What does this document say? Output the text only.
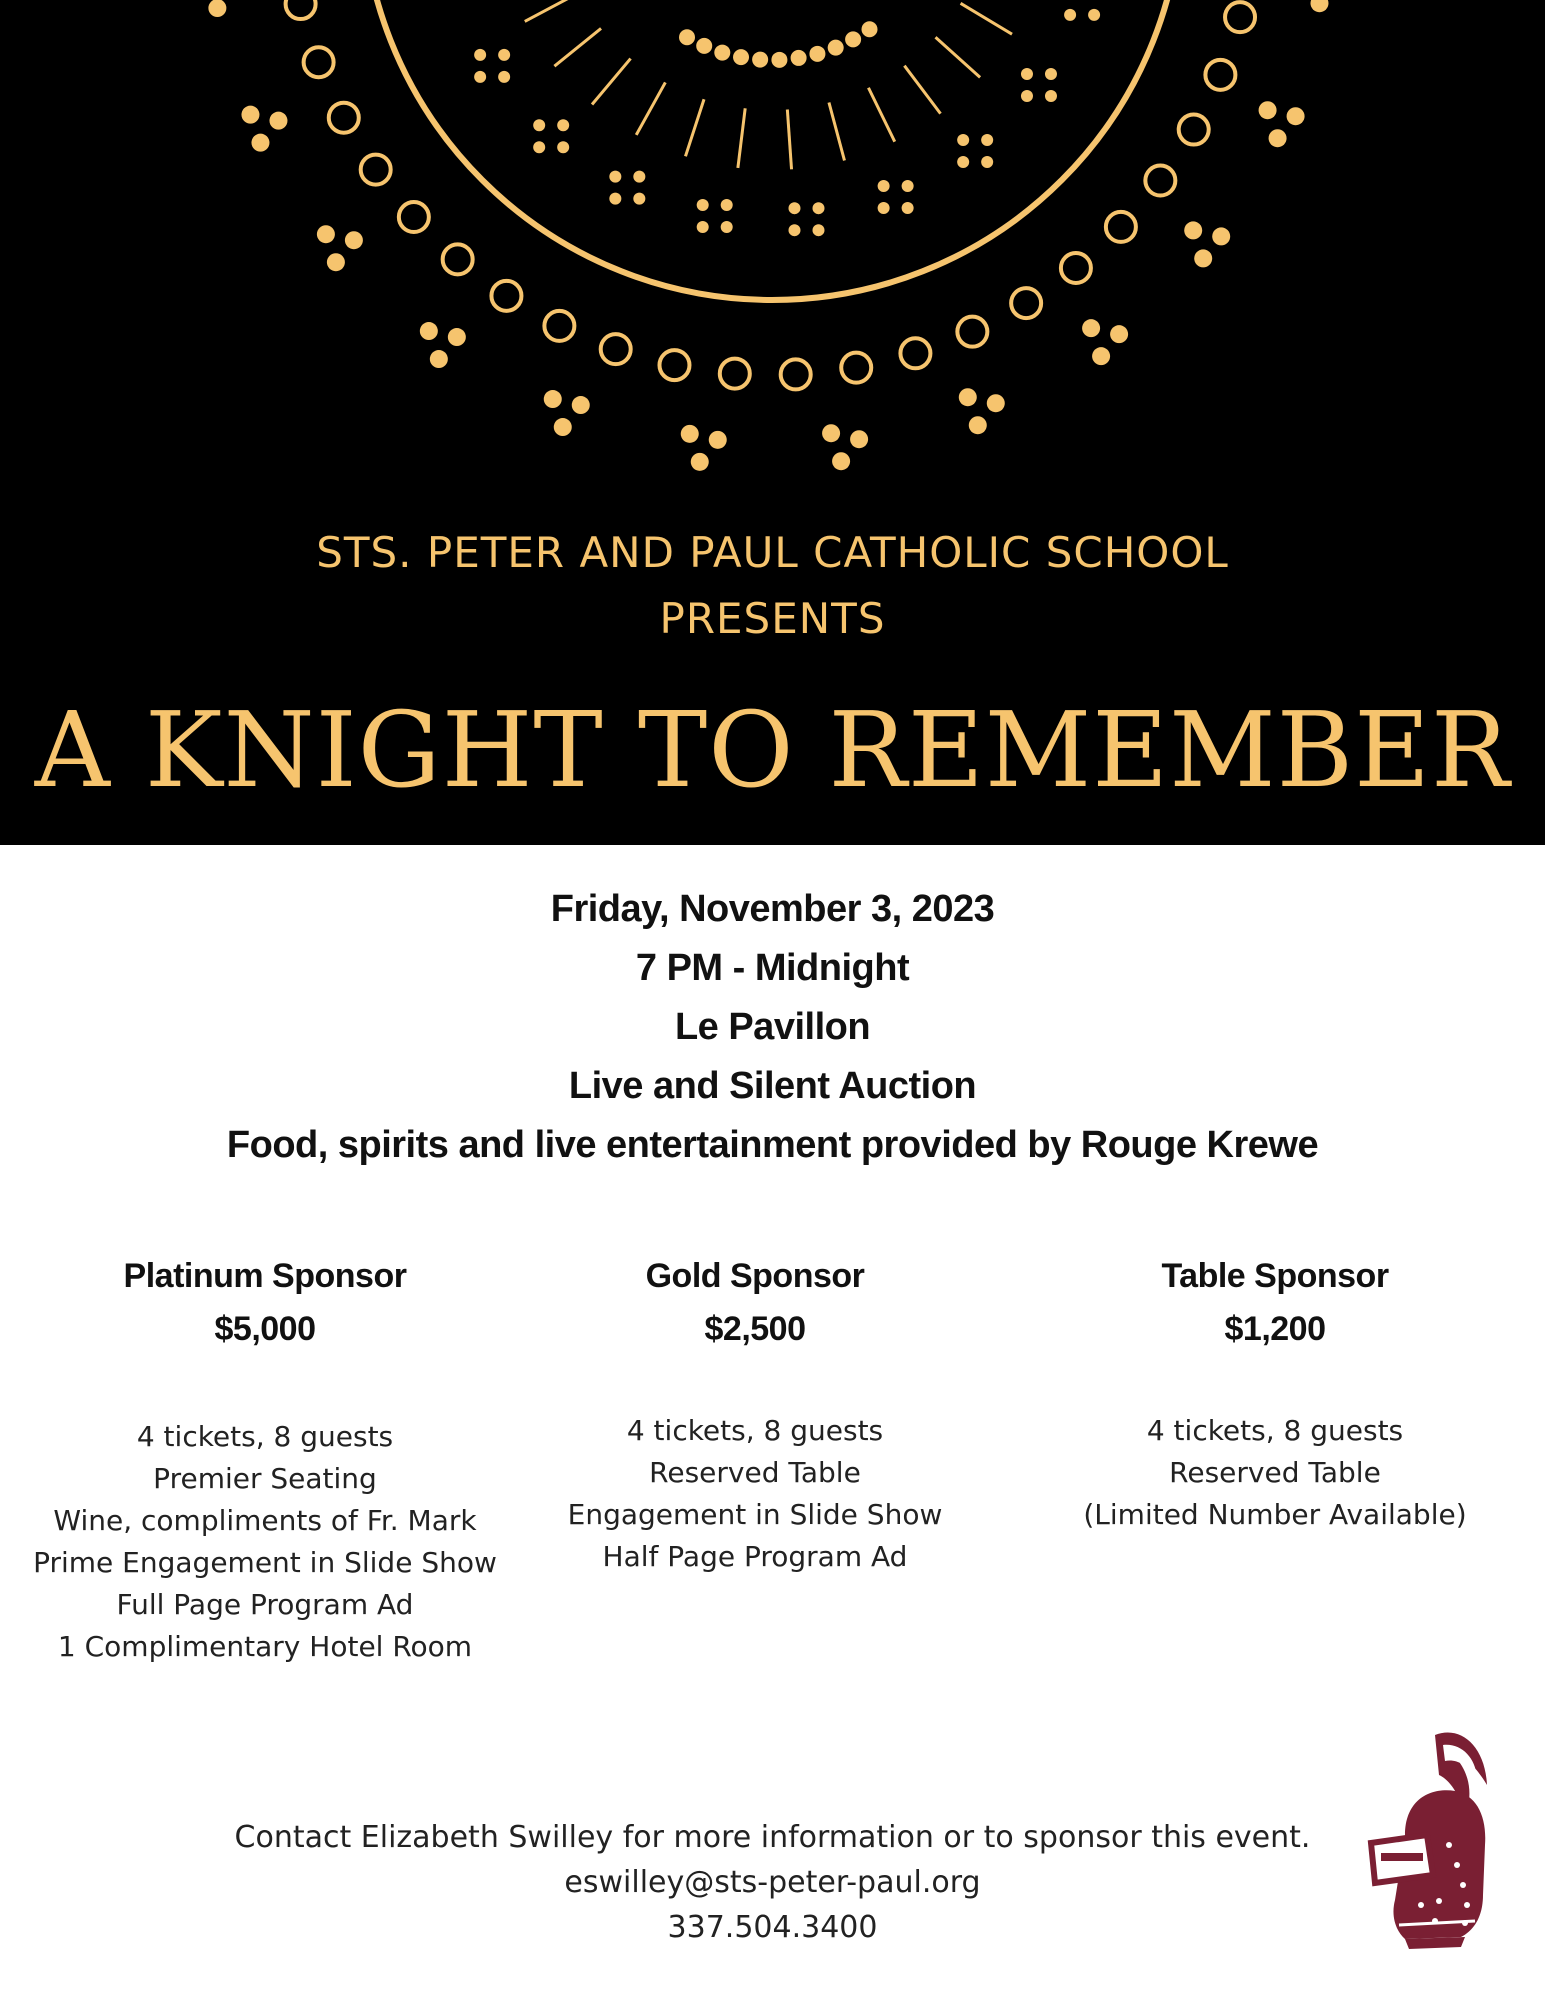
STS. PETER AND PAUL CATHOLIC SCHOOL
PRESENTS
A KNIGHT TO REMEMBER
Friday, November 3, 2023
7 PM - Midnight
Le Pavillon
Live and Silent Auction
Food, spirits and live entertainment provided by Rouge Krewe
Platinum Sponsor
$5,000
4 tickets, 8 guests
Premier Seating
Wine, compliments of Fr. Mark
Prime Engagement in Slide Show
Full Page Program Ad
1 Complimentary Hotel Room
Gold Sponsor
$2,500
4 tickets, 8 guests
Reserved Table
Engagement in Slide Show
Half Page Program Ad
Table Sponsor
$1,200
4 tickets, 8 guests
Reserved Table
(Limited Number Available)
Contact Elizabeth Swilley for more information or to sponsor this event.
eswilley@sts-peter-paul.org
337.504.3400
